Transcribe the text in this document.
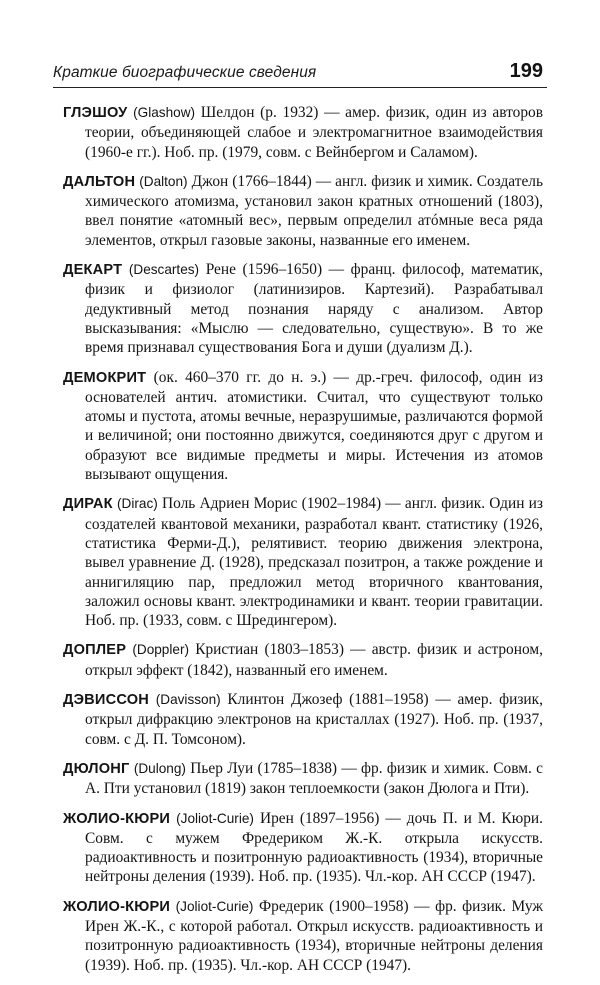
Краткие биографические сведения	199

ГЛЭШОУ (Glashow) Шелдон (р. 1932) — амер. физик, один из авторов теории, объединяющей слабое и электромагнитное взаимодействия (1960-е гг.). Ноб. пр. (1979, совм. с Вейнбергом и Саламом).

ДАЛЬТОН (Dalton) Джон (1766–1844) — англ. физик и химик. Создатель химического атомизма, установил закон кратных отношений (1803), ввел понятие «атомный вес», первым определил атóмные веса ряда элементов, открыл газовые законы, названные его именем.

ДЕКАРТ (Descartes) Рене (1596–1650) — франц. философ, математик, физик и физиолог (латинизиров. Картезий). Разрабатывал дедуктивный метод познания наряду с анализом. Автор высказывания: «Мыслю — следовательно, существую». В то же время признавал существования Бога и души (дуализм Д.).

ДЕМОКРИТ (ок. 460–370 гг. до н. э.) — др.-греч. философ, один из основателей антич. атомистики. Считал, что существуют только атомы и пустота, атомы вечные, неразрушимые, различаются формой и величиной; они постоянно движутся, соединяются друг с другом и образуют все видимые предметы и миры. Истечения из атомов вызывают ощущения.

ДИРАК (Dirac) Поль Адриен Морис (1902–1984) — англ. физик. Один из создателей квантовой механики, разработал квант. статистику (1926, статистика Ферми-Д.), релятивист. теорию движения электрона, вывел уравнение Д. (1928), предсказал позитрон, а также рождение и аннигиляцию пар, предложил метод вторичного квантования, заложил основы квант. электродинамики и квант. теории гравитации. Ноб. пр. (1933, совм. с Шредингером).

ДОПЛЕР (Doppler) Кристиан (1803–1853) — австр. физик и астроном, открыл эффект (1842), названный его именем.

ДЭВИССОН (Davisson) Клинтон Джозеф (1881–1958) — амер. физик, открыл дифракцию электронов на кристаллах (1927). Ноб. пр. (1937, совм. с Д. П. Томсоном).

ДЮЛОНГ (Dulong) Пьер Луи (1785–1838) — фр. физик и химик. Совм. с А. Пти установил (1819) закон теплоемкости (закон Дюлога и Пти).

ЖОЛИО-КЮРИ (Joliot-Curie) Ирен (1897–1956) — дочь П. и М. Кюри. Совм. с мужем Фредериком Ж.-К. открыла искусств. радиоактивность и позитронную радиоактивность (1934), вторичные нейтроны деления (1939). Ноб. пр. (1935). Чл.-кор. АН СССР (1947).

ЖОЛИО-КЮРИ (Joliot-Curie) Фредерик (1900–1958) — фр. физик. Муж Ирен Ж.-К., с которой работал. Открыл искусств. радиоактивность и позитронную радиоактивность (1934), вторичные нейтроны деления (1939). Ноб. пр. (1935). Чл.-кор. АН СССР (1947).
